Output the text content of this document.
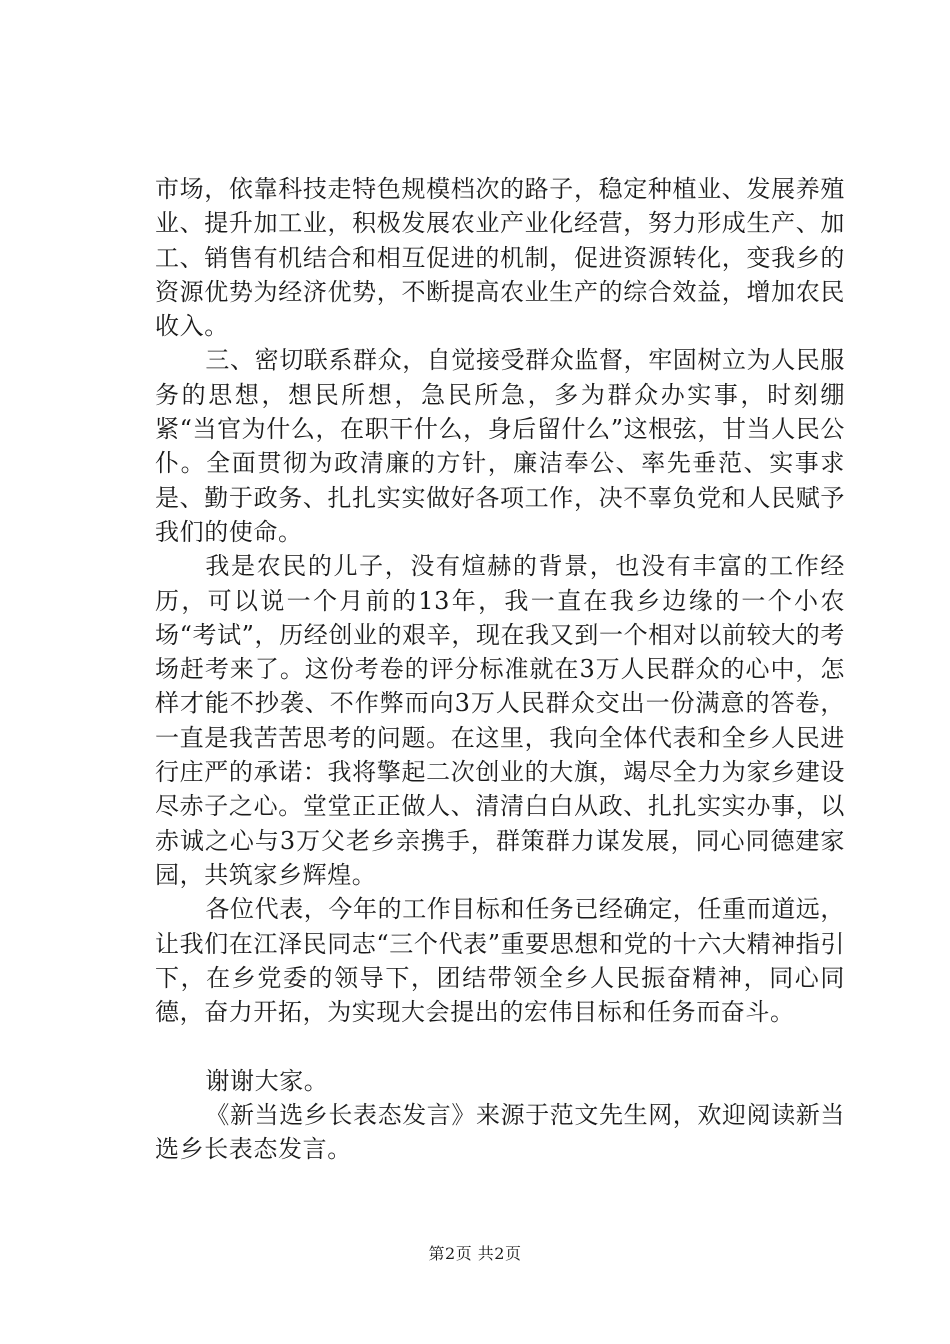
市场，依靠科技走特色规模档次的路子，稳定种植业、发展养殖业、提升加工业，积极发展农业产业化经营，努力形成生产、加工、销售有机结合和相互促进的机制，促进资源转化，变我乡的资源优势为经济优势，不断提高农业生产的综合效益，增加农民收入。

三、密切联系群众，自觉接受群众监督，牢固树立为人民服务的思想，想民所想，急民所急，多为群众办实事，时刻绷紧“当官为什么，在职干什么，身后留什么”这根弦，甘当人民公仆。全面贯彻为政清廉的方针，廉洁奉公、率先垂范、实事求是、勤于政务、扎扎实实做好各项工作，决不辜负党和人民赋予我们的使命。

我是农民的儿子，没有煊赫的背景，也没有丰富的工作经历，可以说一个月前的13年，我一直在我乡边缘的一个小农场“考试”，历经创业的艰辛，现在我又到一个相对以前较大的考场赶考来了。这份考卷的评分标准就在3万人民群众的心中，怎样才能不抄袭、不作弊而向3万人民群众交出一份满意的答卷，一直是我苦苦思考的问题。在这里，我向全体代表和全乡人民进行庄严的承诺：我将擎起二次创业的大旗，竭尽全力为家乡建设尽赤子之心。堂堂正正做人、清清白白从政、扎扎实实办事，以赤诚之心与3万父老乡亲携手，群策群力谋发展，同心同德建家园，共筑家乡辉煌。

各位代表，今年的工作目标和任务已经确定，任重而道远，让我们在江泽民同志“三个代表”重要思想和党的十六大精神指引下，在乡党委的领导下，团结带领全乡人民振奋精神，同心同德，奋力开拓，为实现大会提出的宏伟目标和任务而奋斗。

谢谢大家。

《新当选乡长表态发言》来源于范文先生网，欢迎阅读新当选乡长表态发言。

第2页 共2页
